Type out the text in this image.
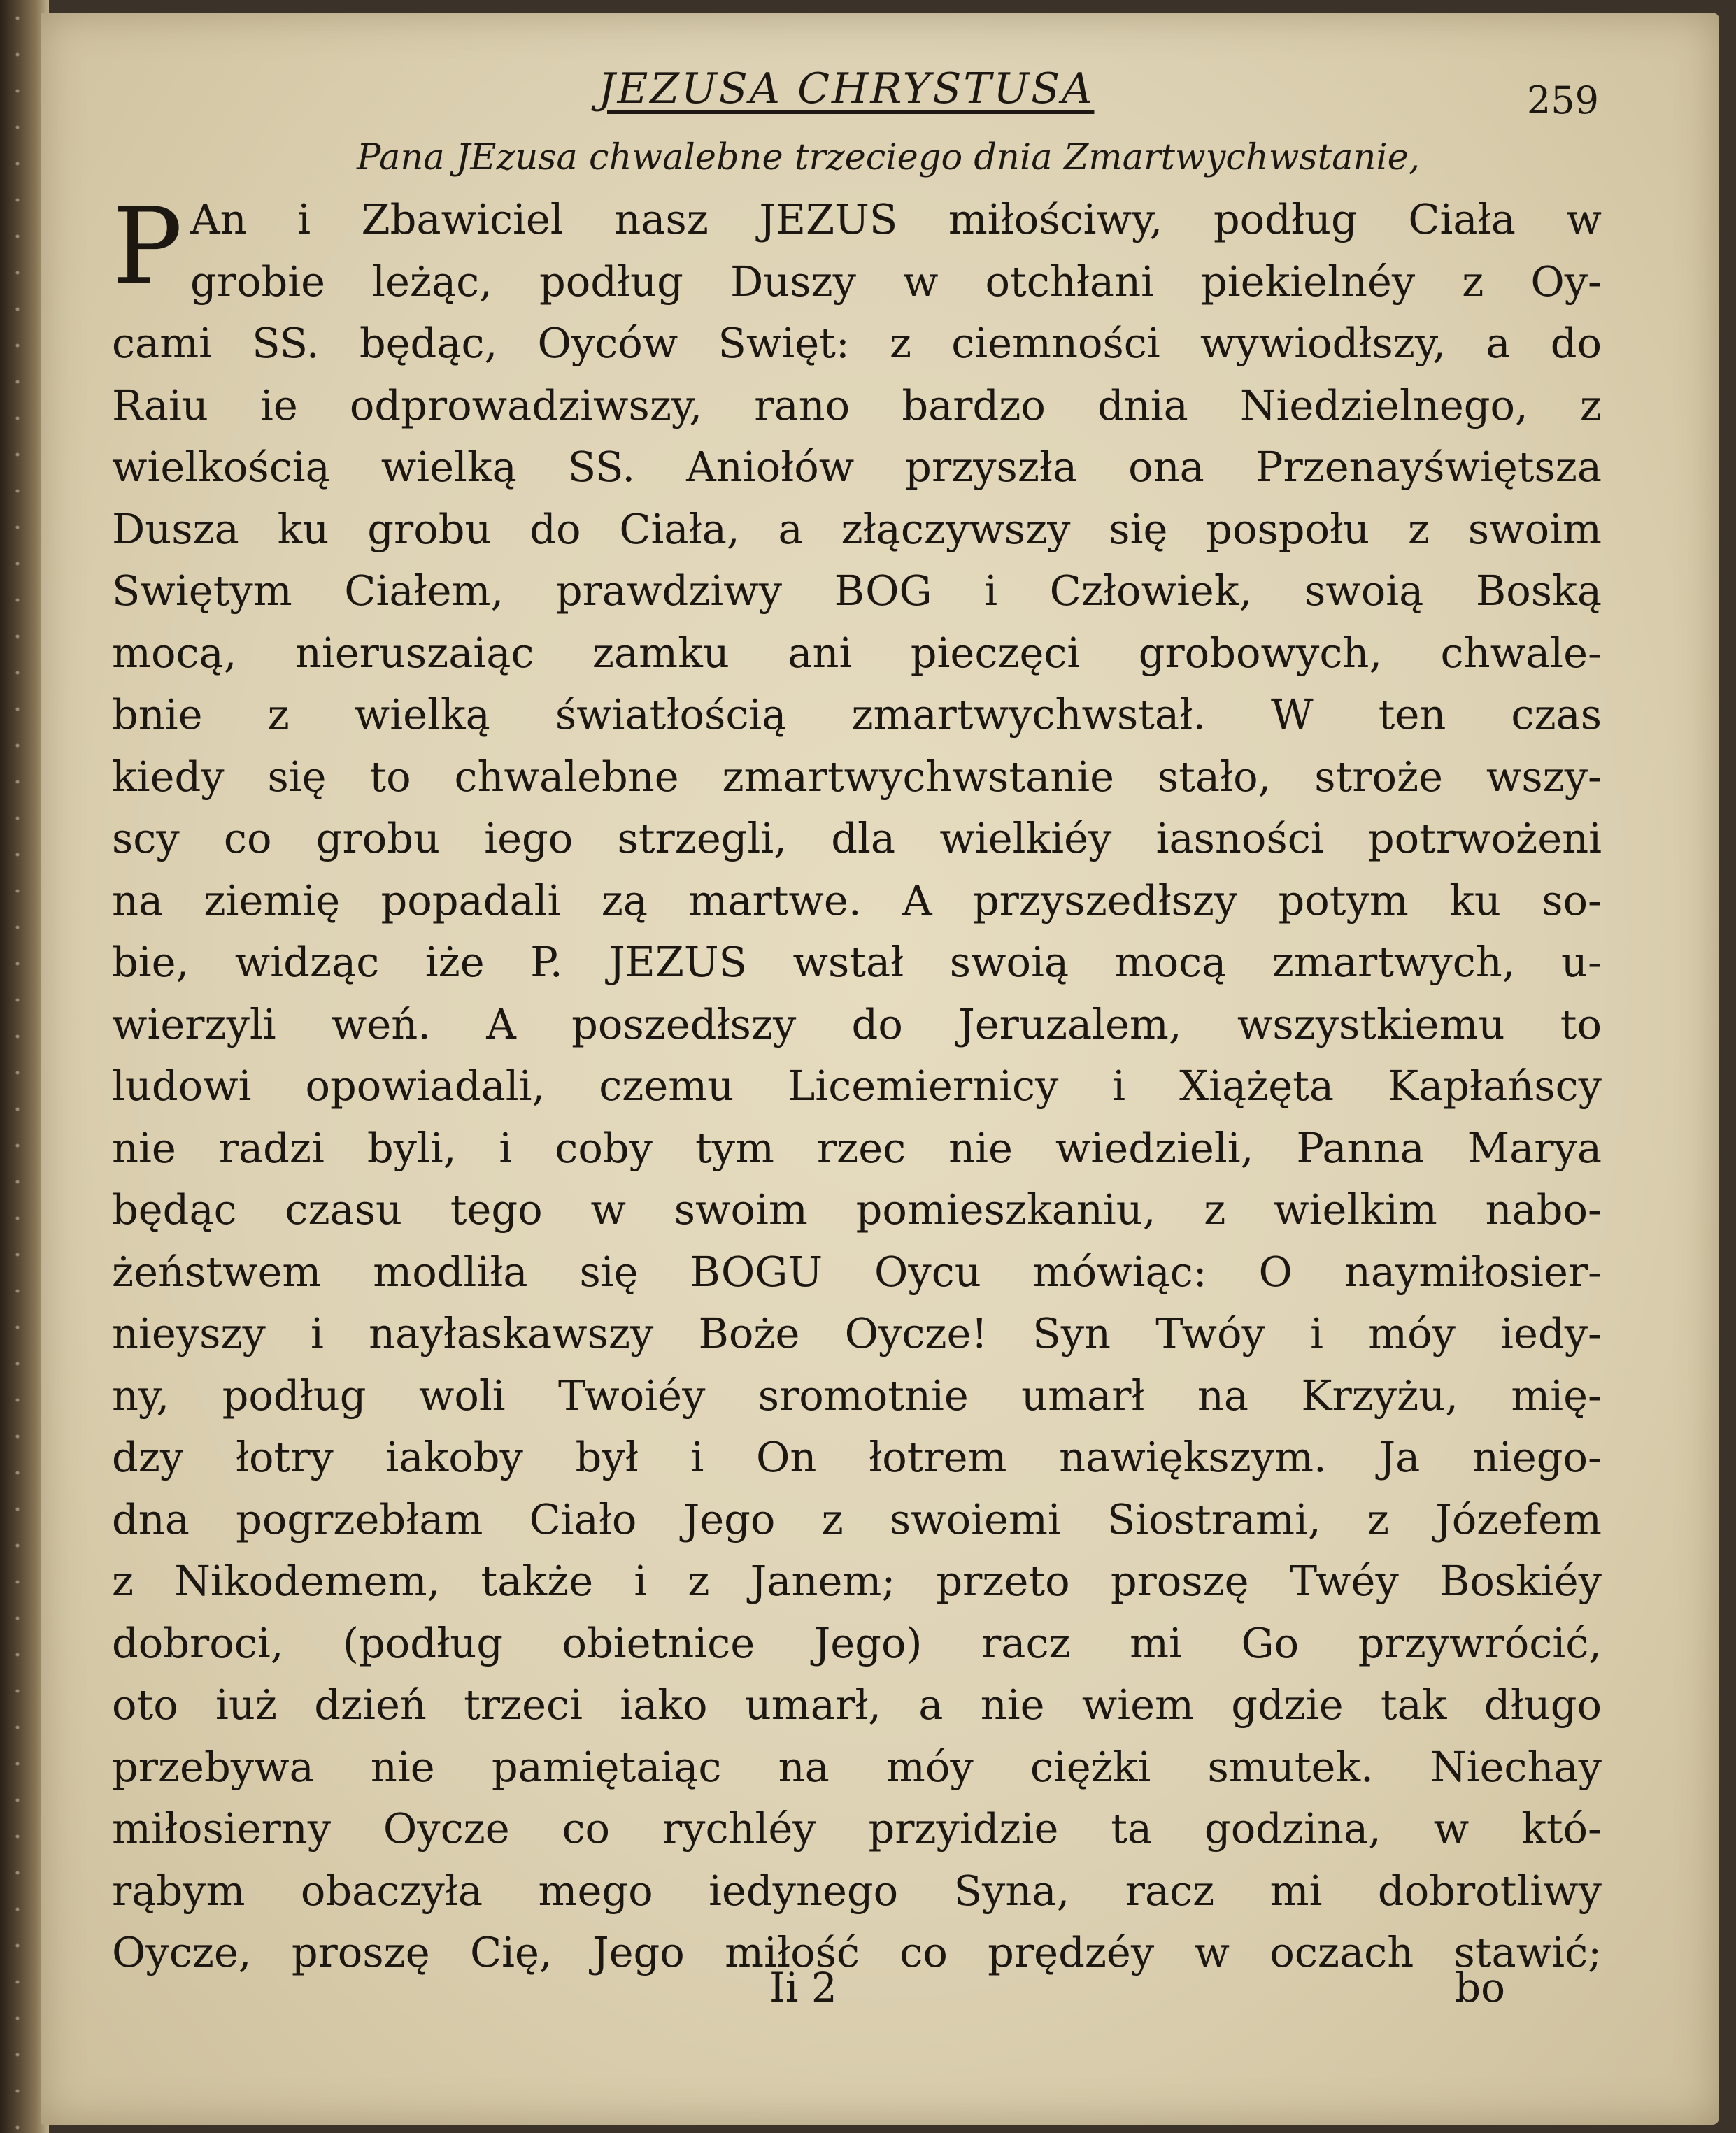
JEZUSA CHRYSTUSA	259
Pana JEzusa chwalebne trzeciego dnia Zmartwychwstanie,
P An i Zbawiciel nasz JEZUS miłościwy, podług Ciała w
grobie leżąc, podług Duszy w otchłani piekielnéy z Oy-
cami SS. będąc, Oyców Swięt: z ciemności wywiodłszy, a do
Raiu ie odprowadziwszy, rano bardzo dnia Niedzielnego, z
wielkością wielką SS. Aniołów przyszła ona Przenayświętsza
Dusza ku grobu do Ciała, a złączywszy się pospołu z swoim
Swiętym Ciałem, prawdziwy BOG i Człowiek, swoią Boską
mocą, nieruszaiąc zamku ani pieczęci grobowych, chwale-
bnie z wielką światłością zmartwychwstał. W ten czas
kiedy się to chwalebne zmartwychwstanie stało, stroże wszy-
scy co grobu iego strzegli, dla wielkiéy iasności potrwożeni
na ziemię popadali zą martwe. A przyszedłszy potym ku so-
bie, widząc iże P. JEZUS wstał swoią mocą zmartwych, u-
wierzyli weń. A poszedłszy do Jeruzalem, wszystkiemu to
ludowi opowiadali, czemu Licemiernicy i Xiążęta Kapłańscy
nie radzi byli, i coby tym rzec nie wiedzieli, Panna Marya
będąc czasu tego w swoim pomieszkaniu, z wielkim nabo-
żeństwem modliła się BOGU Oycu mówiąc: O naymiłosier-
nieyszy i nayłaskawszy Boże Oycze! Syn Twóy i móy iedy-
ny, podług woli Twoiéy sromotnie umarł na Krzyżu, mię-
dzy łotry iakoby był i On łotrem nawiększym. Ja niego-
dna pogrzebłam Ciało Jego z swoiemi Siostrami, z Józefem
z Nikodemem, także i z Janem; przeto proszę Twéy Boskiéy
dobroci, (podług obietnice Jego) racz mi Go przywrócić,
oto iuż dzień trzeci iako umarł, a nie wiem gdzie tak długo
przebywa nie pamiętaiąc na móy ciężki smutek. Niechay
miłosierny Oycze co rychléy przyidzie ta godzina, w któ-
rąbym obaczyła mego iedynego Syna, racz mi dobrotliwy
Oycze, proszę Cię, Jego miłość co prędzéy w oczach stawić;
Ii 2	bo
